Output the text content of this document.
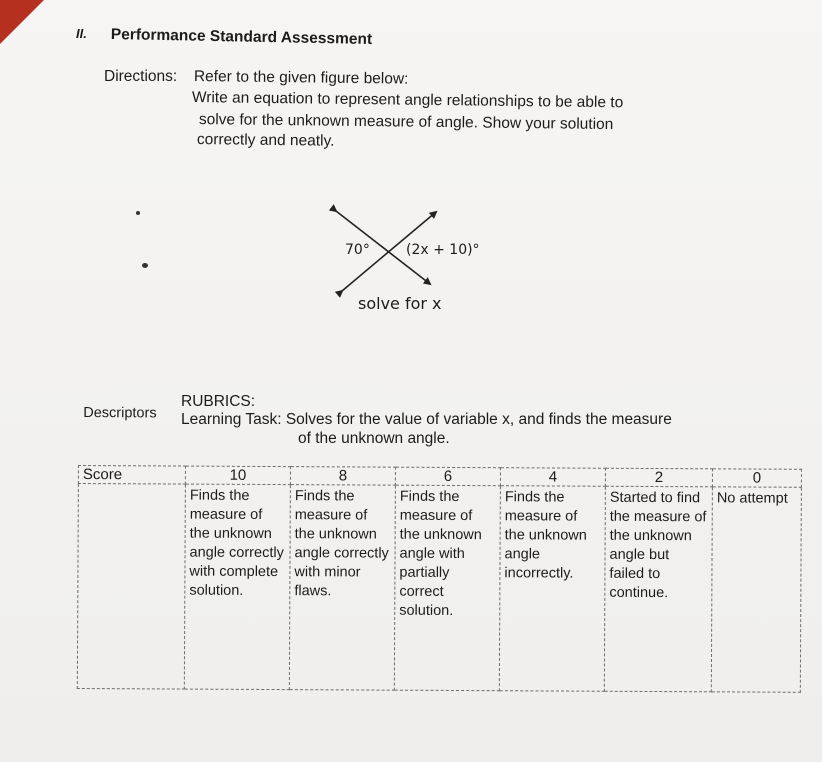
II. Performance Standard Assessment
Directions: Refer to the given figure below:
Write an equation to represent angle relationships to be able to
solve for the unknown measure of angle. Show your solution
correctly and neatly.
70°	(2x + 10)°
solve for x
RUBRICS:
Learning Task: Solves for the value of variable x, and finds the measure
of the unknown angle.
Score	10	8	6	4	2	0

Descriptors	Finds the measure of the unknown angle correctly with complete solution.	Finds the measure of the unknown angle correctly with minor flaws.	Finds the measure of the unknown angle with partially correct solution.	Finds the measure of the unknown angle incorrectly.	Started to find the measure of the unknown angle but failed to continue.	No attempt
